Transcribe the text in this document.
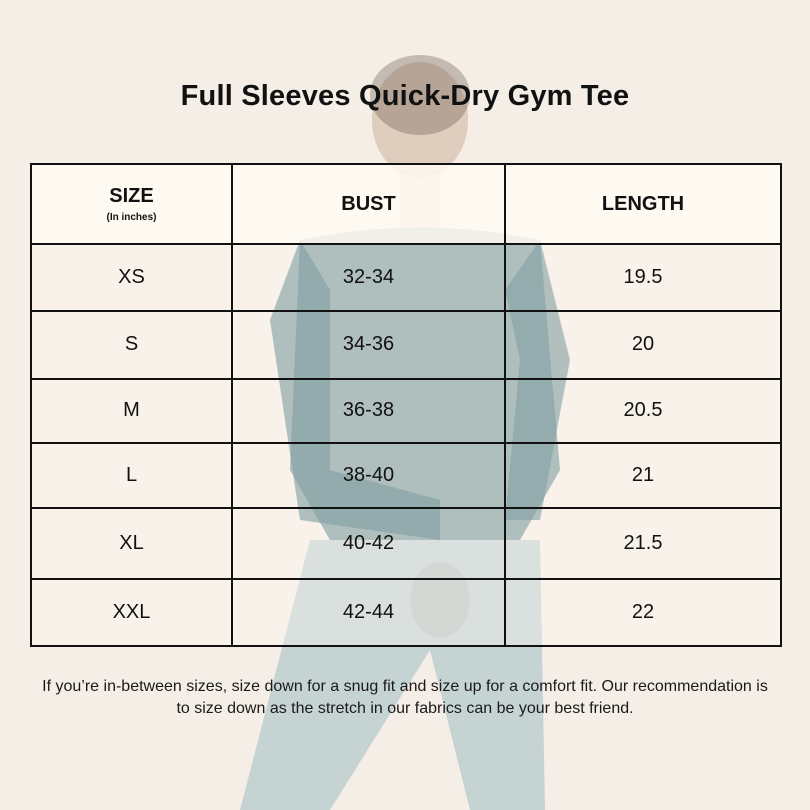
Full Sleeves Quick-Dry Gym Tee
SIZE
(In inches)	BUST	LENGTH
XS	32-34	19.5
S	34-36	20
M	36-38	20.5
L	38-40	21
XL	40-42	21.5
XXL	42-44	22
If you’re in-between sizes, size down for a snug fit and size up for a comfort fit. Our recommendation is to size down as the stretch in our fabrics can be your best friend.
